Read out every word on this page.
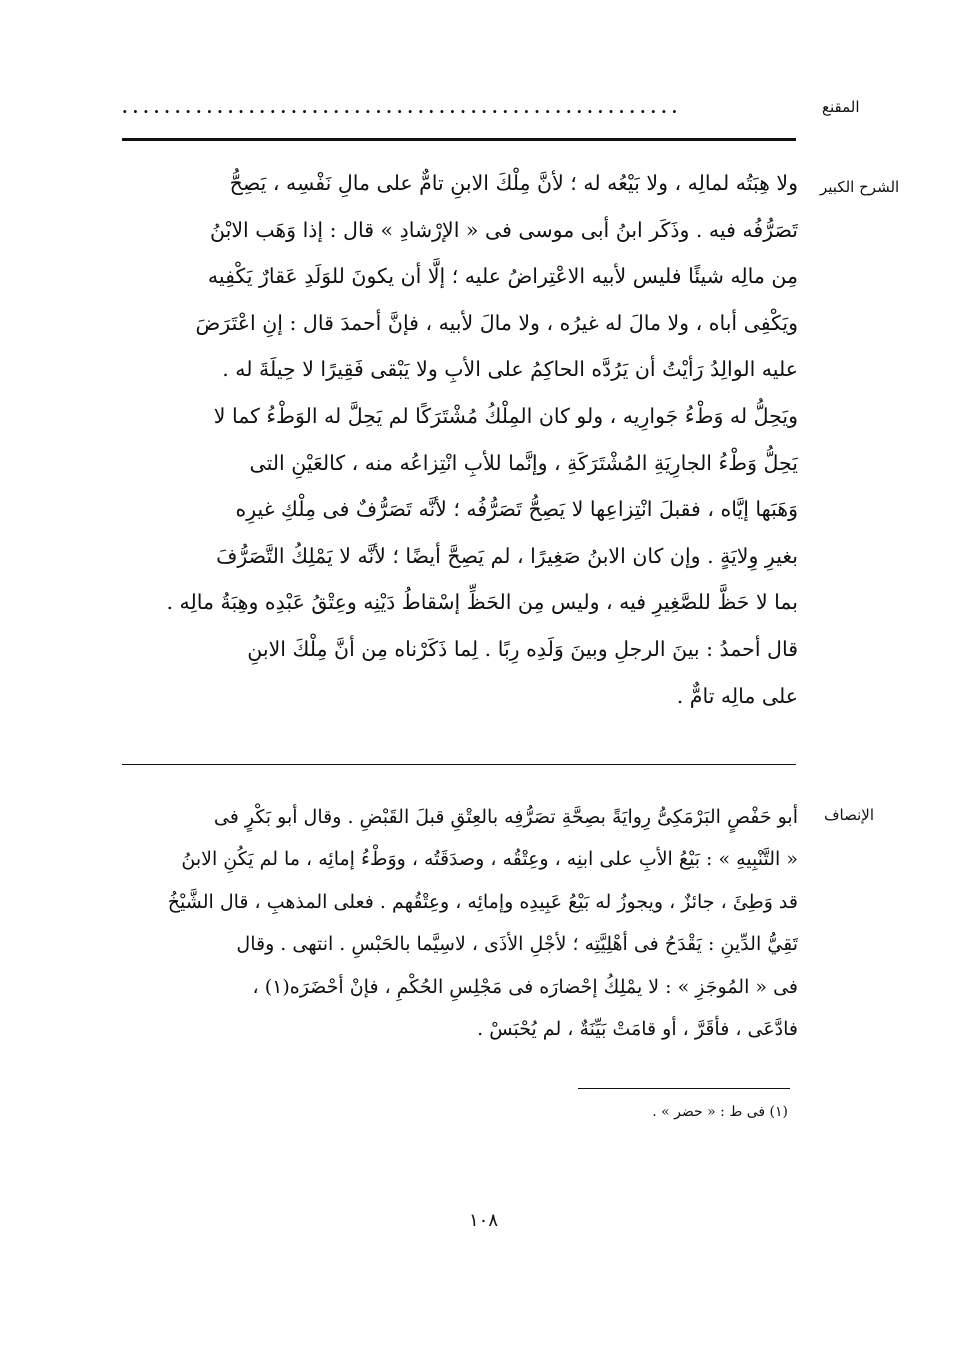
المقنع
.....................................................
الشرح الكبير
ولا هِبَتُه لمالِه ، ولا بَيْعُه له ؛ لأنَّ مِلْكَ الابنِ تامٌّ على مالِ نَفْسِه ، يَصِحُّ
تَصَرُّفُه فيه . وذَكَر ابنُ أبى موسى فى « الإرْشادِ » قال : إذا وَهَب الابْنُ
مِن مالِه شيئًا فليس لأبيه الاعْتِراضُ عليه ؛ إلَّا أن يكونَ للوَلَدِ عَقارٌ يَكْفِيه
ويَكْفِى أباه ، ولا مالَ له غيرُه ، ولا مالَ لأبيه ، فإنَّ أحمدَ قال : إنِ اعْتَرَضَ
عليه الوالِدُ رَأيْتُ أن يَرُدَّه الحاكِمُ على الأبِ ولا يَبْقى فَقِيرًا لا حِيلَةَ له .
ويَحِلُّ له وَطْءُ جَوارِيه ، ولو كان المِلْكُ مُشْتَرَكًا لم يَحِلَّ له الوَطْءُ كما لا
يَحِلُّ وَطْءُ الجارِيَةِ المُشْتَرَكَةِ ، وإنَّما للأبِ انْتِزاعُه منه ، كالعَيْنِ التى
وَهَبَها إيَّاه ، فقبلَ انْتِزاعِها لا يَصِحُّ تَصَرُّفُه ؛ لأنَّه تَصَرُّفٌ فى مِلْكِ غيرِه
بغيرِ وِلايَةٍ . وإن كان الابنُ صَغِيرًا ، لم يَصِحَّ أيضًا ؛ لأنَّه لا يَمْلِكُ التَّصَرُّفَ
بما لا حَظَّ للصَّغِيرِ فيه ، وليس مِن الحَظِّ إسْقاطُ دَيْنِه وعِتْقُ عَبْدِه وهِبَةُ مالِه .
قال أحمدُ : بينَ الرجلِ وبينَ وَلَدِه رِبًا . لِما ذَكَرْناه مِن أنَّ مِلْكَ الابنِ
على مالِه تامٌّ .
الإنصاف
أبو حَفْصٍ البَرْمَكِىُّ رِوايَةً بصِحَّةِ تصَرُّفِه بالعِتْقِ قبلَ القَبْضِ . وقال أبو بَكْرٍ فى
« التَّنْبِيهِ » : بَيْعُ الأبِ على ابنِه ، وعِتْقُه ، وصدَقَتُه ، ووَطْءُ إمائِه ، ما لم يَكُنِ الابنُ
قد وَطِئَ ، جائزٌ ، ويجوزُ له بَيْعُ عَبِيدِه وإمائِه ، وعِتْقُهم . فعلى المذهبِ ، قال الشَّيْخُ
تَقِيُّ الدِّينِ : يَقْدَحُ فى أهْلِيَّتِه ؛ لأجْلِ الأذَى ، لاسِيَّما بالحَبْسِ . انتهى . وقال
فى « المُوجَزِ » : لا يمْلِكُ إحْضارَه فى مَجْلِسِ الحُكْمِ ، فإنْ أحْضَرَه(١) ،
فادَّعَى ، فأقَرَّ ، أو قامَتْ بَيِّنَةٌ ، لم يُحْبَسْ .
(١) فى ط : « حضر » .
١٠٨
